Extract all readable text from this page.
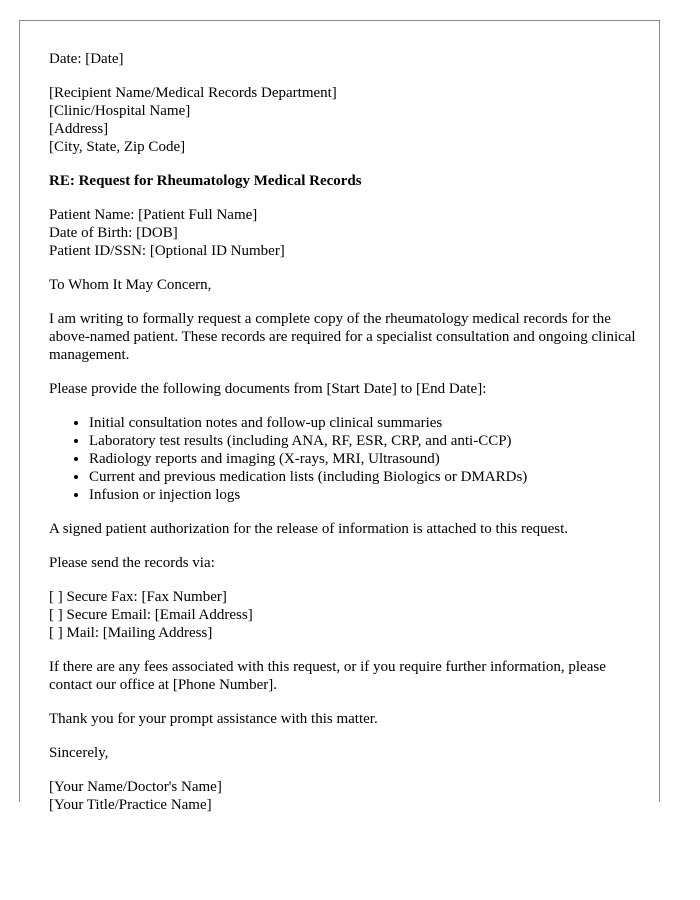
Date: [Date]
[Recipient Name/Medical Records Department]
[Clinic/Hospital Name]
[Address]
[City, State, Zip Code]
RE: Request for Rheumatology Medical Records
Patient Name: [Patient Full Name]
Date of Birth: [DOB]
Patient ID/SSN: [Optional ID Number]

To Whom It May Concern,

I am writing to formally request a complete copy of the rheumatology medical records for the above-named patient. These records are required for a specialist consultation and ongoing clinical management.

Please provide the following documents from [Start Date] to [End Date]:

• Initial consultation notes and follow-up clinical summaries
• Laboratory test results (including ANA, RF, ESR, CRP, and anti-CCP)
• Radiology reports and imaging (X-rays, MRI, Ultrasound)
• Current and previous medication lists (including Biologics or DMARDs)
• Infusion or injection logs

A signed patient authorization for the release of information is attached to this request.

Please send the records via:

[ ] Secure Fax: [Fax Number]
[ ] Secure Email: [Email Address]
[ ] Mail: [Mailing Address]

If there are any fees associated with this request, or if you require further information, please contact our office at [Phone Number].

Thank you for your prompt assistance with this matter.

Sincerely,

[Your Name/Doctor's Name]
[Your Title/Practice Name]
